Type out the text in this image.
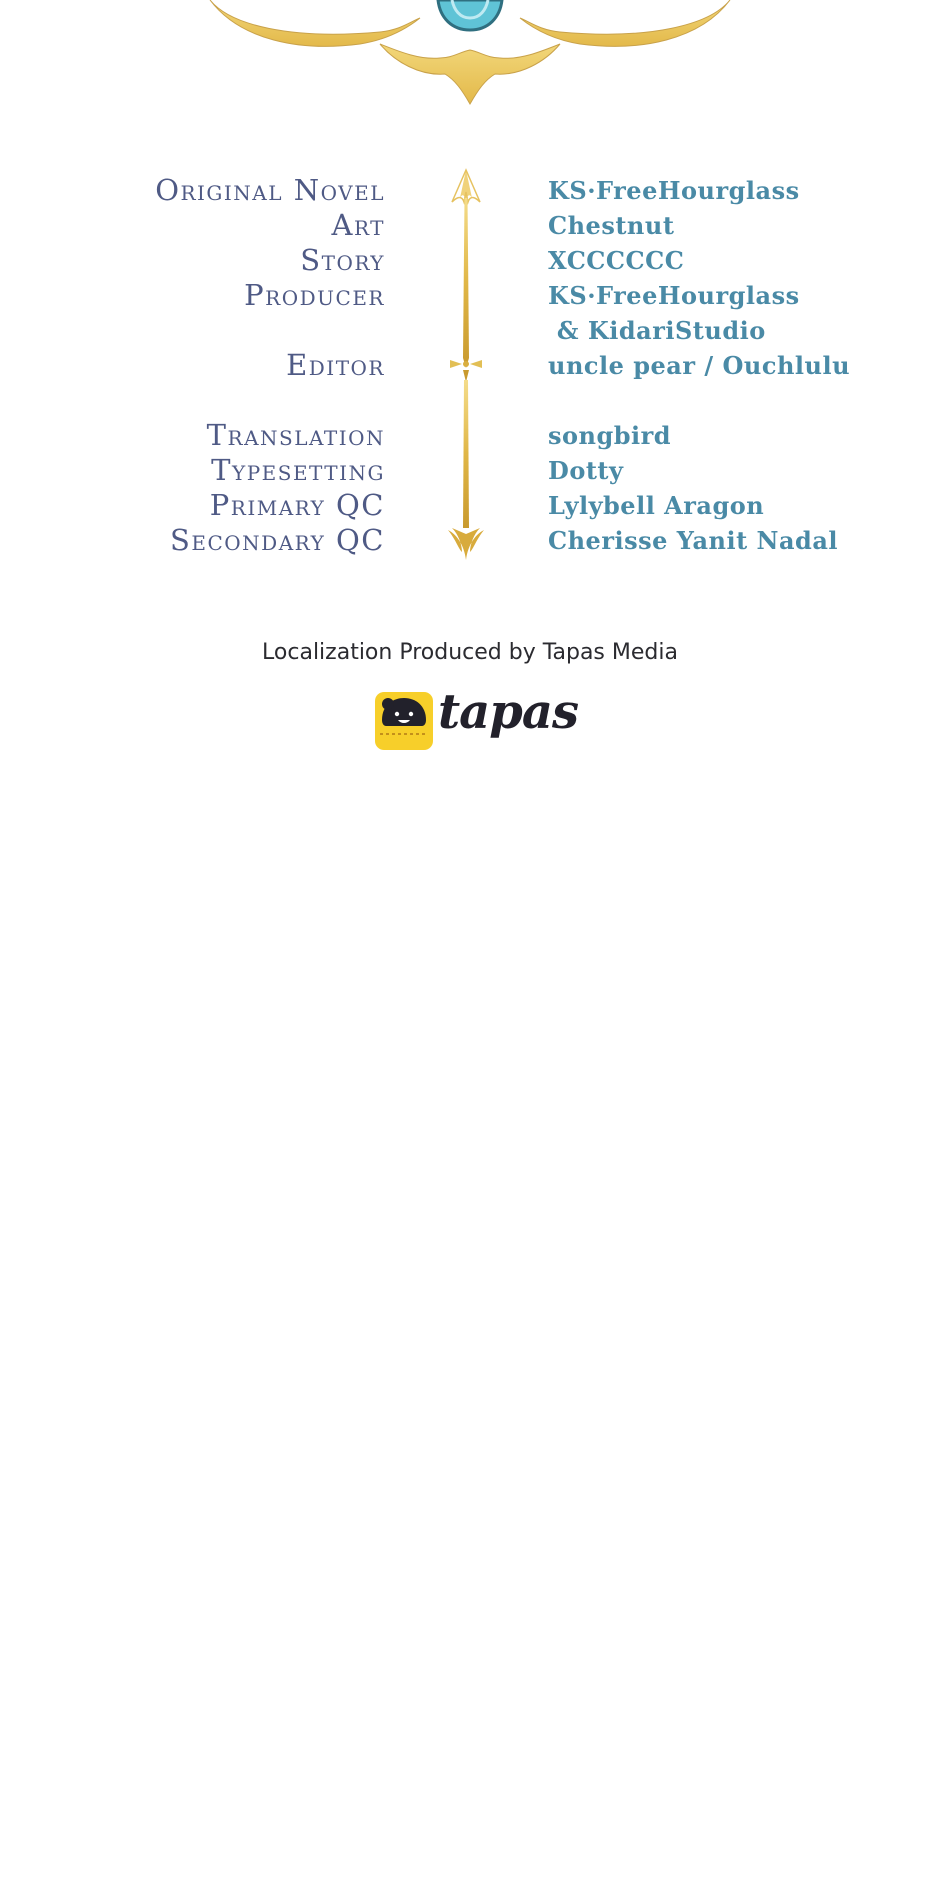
Original Novel	KS·FreeHourglass
Art	Chestnut
Story	XCCCCCC
Producer	KS·FreeHourglass
& KidariStudio
Editor	uncle pear / Ouchlulu
Translation	songbird
Typesetting	Dotty
Primary QC	Lylybell Aragon
Secondary QC	Cherisse Yanit Nadal
Localization Produced by Tapas Media
tapas
